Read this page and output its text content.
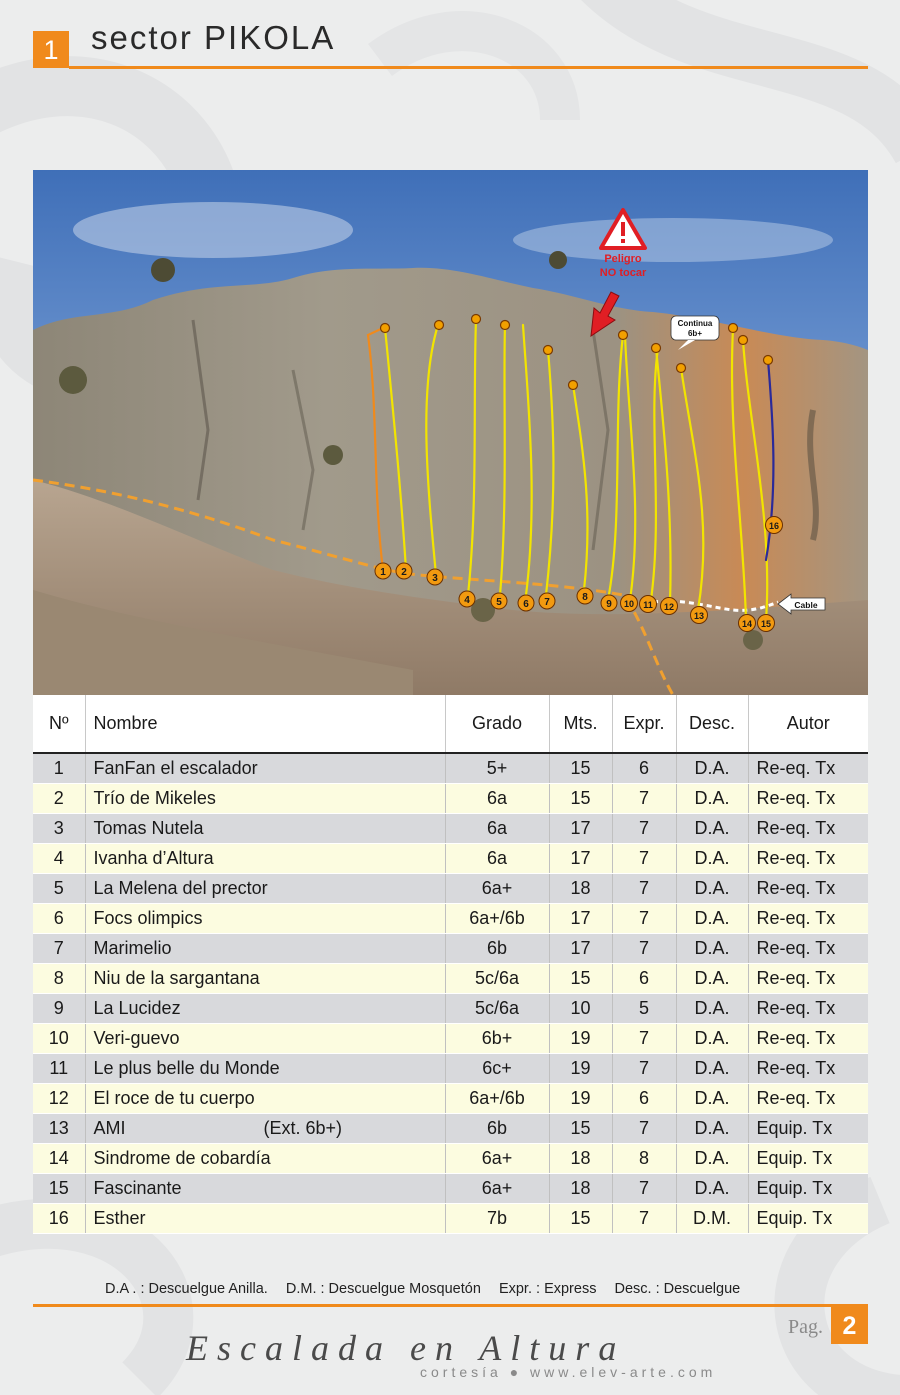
1 sector PIKOLA
Peligro
NO tocar
Continua
6b+
Cable
1 2
3
4	5 6 7	8
9 10 11 12
13
14 15
16
Nº	Nombre	Grado	Mts.	Expr.	Desc.	Autor
1	FanFan el escalador	5+	15	6	D.A.	Re-eq. Tx
2	Trío de Mikeles	6a	15	7	D.A.	Re-eq. Tx
3	Tomas Nutela	6a	17	7	D.A.	Re-eq. Tx
4	Ivanha d’Altura	6a	17	7	D.A.	Re-eq. Tx
5	La Melena del prector	6a+	18	7	D.A.	Re-eq. Tx
6	Focs olimpics	6a+/6b	17	7	D.A.	Re-eq. Tx
7	Marimelio	6b	17	7	D.A.	Re-eq. Tx
8	Niu de la sargantana	5c/6a	15	6	D.A.	Re-eq. Tx
9	La Lucidez	5c/6a	10	5	D.A.	Re-eq. Tx
10	Veri-guevo	6b+	19	7	D.A.	Re-eq. Tx
11	Le plus belle du Monde	6c+	19	7	D.A.	Re-eq. Tx
12	El roce de tu cuerpo	6a+/6b	19	6	D.A.	Re-eq. Tx
13	AMI (Ext. 6b+)	6b	15	7	D.A.	Equip. Tx
14	Sindrome de cobardía	6a+	18	8	D.A.	Equip. Tx
15	Fascinante	6a+	18	7	D.A.	Equip. Tx
16	Esther	7b	15	7	D.M.	Equip. Tx
D.A . : Descuelgue Anilla. D.M. : Descuelgue Mosquetón Expr. : Express Desc. : Descuelgue
Pag. 2
Escalada en Altura
cortesía ● www.elev-arte.com
